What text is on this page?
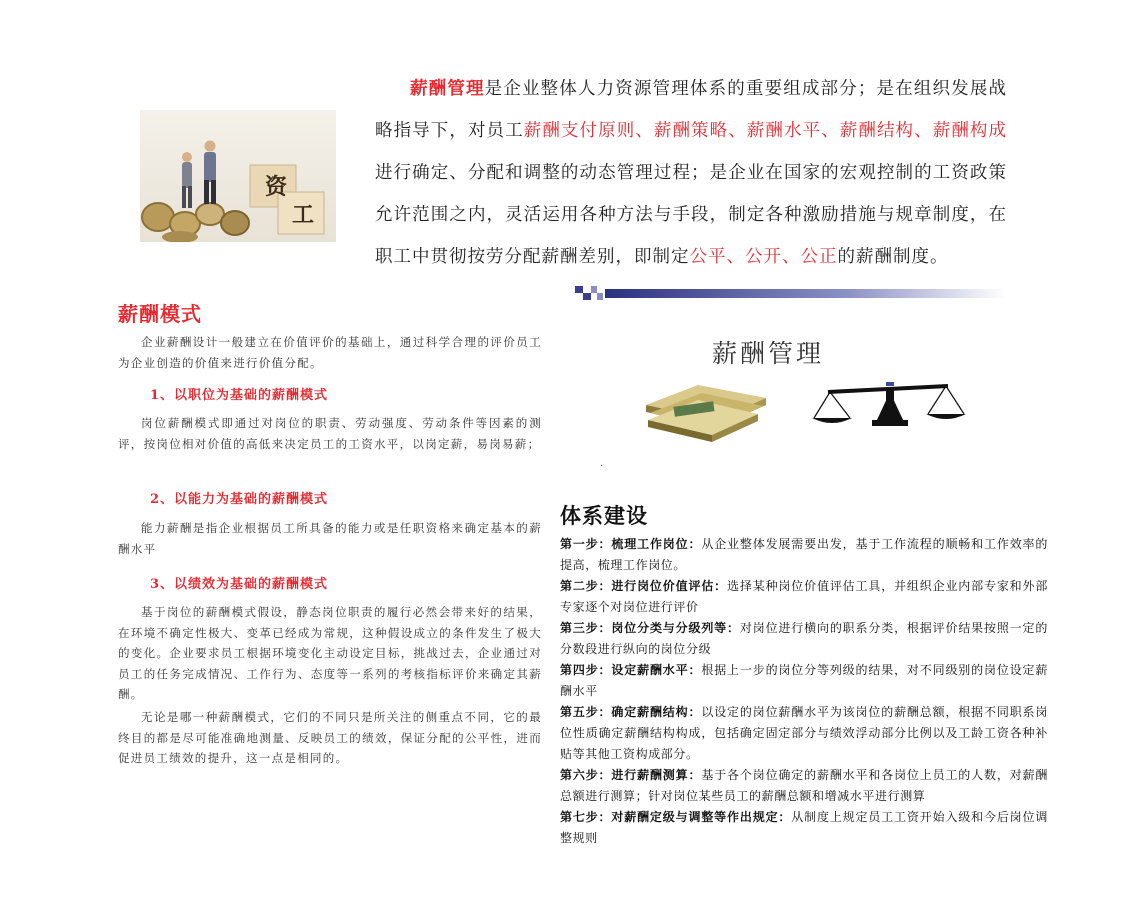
资
工
薪酬管理是企业整体人力资源管理体系的重要组成部分；是在组织发展战略指导下，对员工薪酬支付原则、薪酬策略、薪酬水平、薪酬结构、薪酬构成进行确定、分配和调整的动态管理过程；是企业在国家的宏观控制的工资政策允许范围之内，灵活运用各种方法与手段，制定各种激励措施与规章制度，在职工中贯彻按劳分配薪酬差别，即制定公平、公开、公正的薪酬制度。
薪酬模式
企业薪酬设计一般建立在价值评价的基础上，通过科学合理的评价员工为企业创造的价值来进行价值分配。
1、以职位为基础的薪酬模式
岗位薪酬模式即通过对岗位的职责、劳动强度、劳动条件等因素的测评，按岗位相对价值的高低来决定员工的工资水平，以岗定薪，易岗易薪；
2、以能力为基础的薪酬模式
能力薪酬是指企业根据员工所具备的能力或是任职资格来确定基本的薪酬水平
3、以绩效为基础的薪酬模式
基于岗位的薪酬模式假设，静态岗位职责的履行必然会带来好的结果，在环境不确定性极大、变革已经成为常规，这种假设成立的条件发生了极大的变化。企业要求员工根据环境变化主动设定目标，挑战过去，企业通过对员工的任务完成情况、工作行为、态度等一系列的考核指标评价来确定其薪酬。
无论是哪一种薪酬模式，它们的不同只是所关注的侧重点不同，它的最终目的都是尽可能准确地测量、反映员工的绩效，保证分配的公平性，进而促进员工绩效的提升，这一点是相同的。
薪酬管理
.
体系建设
第一步：梳理工作岗位：从企业整体发展需要出发，基于工作流程的顺畅和工作效率的提高，梳理工作岗位。
第二步：进行岗位价值评估：选择某种岗位价值评估工具，并组织企业内部专家和外部专家逐个对岗位进行评价
第三步：岗位分类与分级列等：对岗位进行横向的职系分类，根据评价结果按照一定的分数段进行纵向的岗位分级
第四步：设定薪酬水平：根据上一步的岗位分等列级的结果，对不同级别的岗位设定薪酬水平
第五步：确定薪酬结构：以设定的岗位薪酬水平为该岗位的薪酬总额，根据不同职系岗位性质确定薪酬结构构成，包括确定固定部分与绩效浮动部分比例以及工龄工资各种补贴等其他工资构成部分。
第六步：进行薪酬测算：基于各个岗位确定的薪酬水平和各岗位上员工的人数，对薪酬总额进行测算；针对岗位某些员工的薪酬总额和增减水平进行测算
第七步：对薪酬定级与调整等作出规定：从制度上规定员工工资开始入级和今后岗位调整规则
